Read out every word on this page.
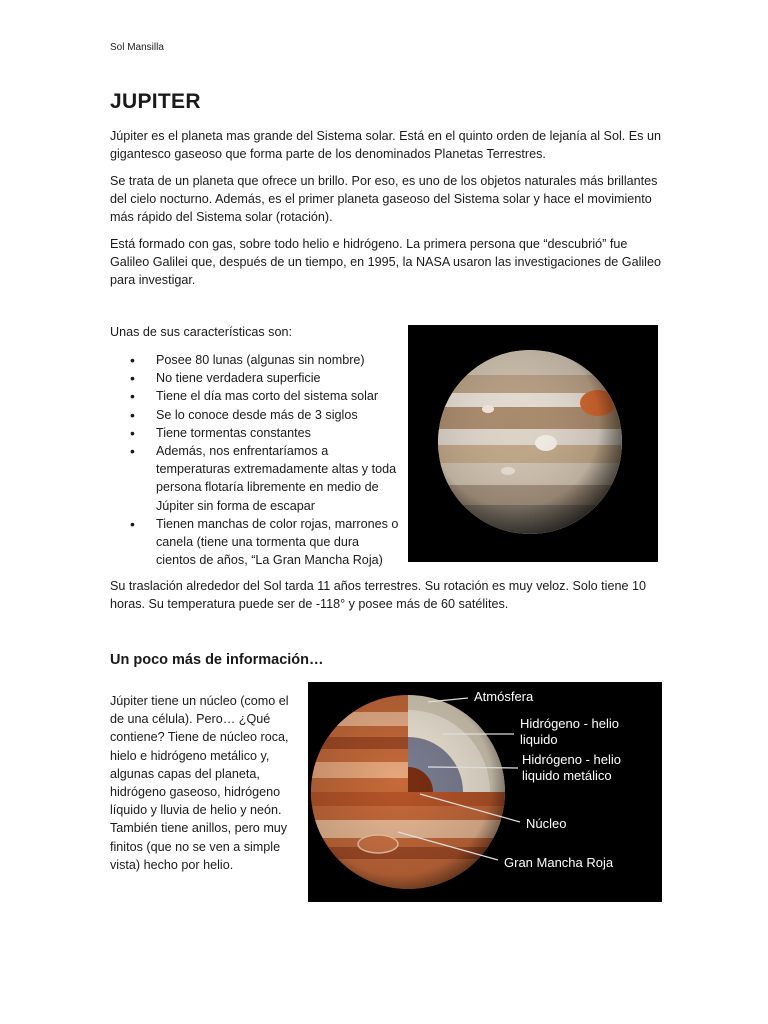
Sol Mansilla
JUPITER

Júpiter es el planeta mas grande del Sistema solar. Está en el quinto orden de lejanía al Sol. Es un gigantesco gaseoso que forma parte de los denominados Planetas Terrestres.

Se trata de un planeta que ofrece un brillo. Por eso, es uno de los objetos naturales más brillantes del cielo nocturno. Además, es el primer planeta gaseoso del Sistema solar y hace el movimiento más rápido del Sistema solar (rotación).

Está formado con gas, sobre todo helio e hidrógeno. La primera persona que “descubrió” fue Galileo Galilei que, después de un tiempo, en 1995, la NASA usaron las investigaciones de Galileo para investigar.

Unas de sus características son:

• Posee 80 lunas (algunas sin nombre)
• No tiene verdadera superficie
• Tiene el día mas corto del sistema solar
• Se lo conoce desde más de 3 siglos
• Tiene tormentas constantes
• Además, nos enfrentaríamos a temperaturas extremadamente altas y toda persona flotaría libremente en medio de Júpiter sin forma de escapar
• Tienen manchas de color rojas, marrones o canela (tiene una tormenta que dura cientos de años, “La Gran Mancha Roja)

Su traslación alrededor del Sol tarda 11 años terrestres. Su rotación es muy veloz. Solo tiene 10 horas. Su temperatura puede ser de -118° y posee más de 60 satélites.

Un poco más de información…

Júpiter tiene un núcleo (como el de una célula). Pero… ¿Qué contiene? Tiene de núcleo roca, hielo e hidrógeno metálico y, algunas capas del planeta, hidrógeno gaseoso, hidrógeno líquido y lluvia de helio y neón. También tiene anillos, pero muy finitos (que no se ven a simple vista) hecho por helio.

Atmósfera
Hidrógeno - helio
liquido
Hidrógeno - helio
liquido metálico
Núcleo
Gran Mancha Roja
